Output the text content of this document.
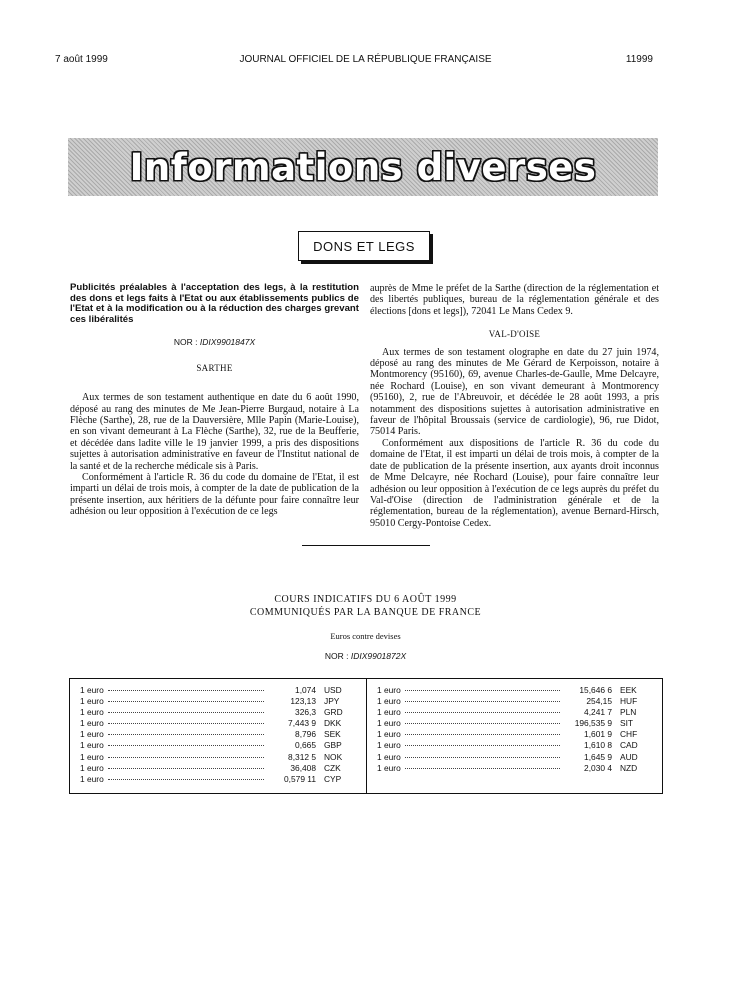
7 août 1999	JOURNAL OFFICIEL DE LA RÉPUBLIQUE FRANÇAISE	11999
Informations diverses
DONS ET LEGS

Publicités préalables à l'acceptation des legs, à la restitution des dons et legs faits à l'Etat ou aux établissements publics de l'Etat et à la modification ou à la réduction des charges grevant ces libéralités

NOR : IDIX9901847X
SARTHE

Aux termes de son testament authentique en date du 6 août 1990, déposé au rang des minutes de Me Jean-Pierre Burgaud, notaire à La Flèche (Sarthe), 28, rue de la Dauversière, Mlle Papin (Marie-Louise), en son vivant demeurant à La Flèche (Sarthe), 32, rue de la Beufferie, et décédée dans ladite ville le 19 janvier 1999, a pris des dispositions sujettes à autorisation administrative en faveur de l'Institut national de la santé et de la recherche médicale sis à Paris.

Conformément à l'article R. 36 du code du domaine de l'Etat, il est imparti un délai de trois mois, à compter de la date de publication de la présente insertion, aux héritiers de la défunte pour faire connaître leur adhésion ou leur opposition à l'exécution de ce legs

auprès de Mme le préfet de la Sarthe (direction de la réglementation et des libertés publiques, bureau de la réglementation générale et des élections [dons et legs]), 72041 Le Mans Cedex 9.

VAL-D'OISE

Aux termes de son testament olographe en date du 27 juin 1974, déposé au rang des minutes de Me Gérard de Kerpoisson, notaire à Montmorency (95160), 69, avenue Charles-de-Gaulle, Mme Delcayre, née Rochard (Louise), en son vivant demeurant à Montmorency (95160), 2, rue de l'Abreuvoir, et décédée le 28 août 1993, a pris notamment des dispositions sujettes à autorisation administrative en faveur de l'hôpital Broussais (service de cardiologie), 96, rue Didot, 75014 Paris.

Conformément aux dispositions de l'article R. 36 du code du domaine de l'Etat, il est imparti un délai de trois mois, à compter de la date de publication de la présente insertion, aux ayants droit inconnus de Mme Delcayre, née Rochard (Louise), pour faire connaître leur adhésion ou leur opposition à l'exécution de ce legs auprès du préfet du Val-d'Oise (direction de l'administration générale et de la réglementation, bureau de la réglementation), avenue Bernard-Hirsch, 95010 Cergy-Pontoise Cedex.

COURS INDICATIFS DU 6 AOÛT 1999
COMMUNIQUÉS PAR LA BANQUE DE FRANCE
Euros contre devises
NOR : IDIX9901872X
1 euro	1,074 USD
1 euro	123,13 JPY
1 euro	326,3 GRD
1 euro	7,443 9 DKK
1 euro	8,796 SEK
1 euro	0,665 GBP
1 euro	8,312 5 NOK
1 euro	36,408 CZK
1 euro	0,579 11 CYP
1 euro	15,646 6 EEK
1 euro	254,15 HUF
1 euro	4,241 7 PLN
1 euro	196,535 9 SIT
1 euro	1,601 9 CHF
1 euro	1,610 8 CAD
1 euro	1,645 9 AUD
1 euro	2,030 4 NZD
